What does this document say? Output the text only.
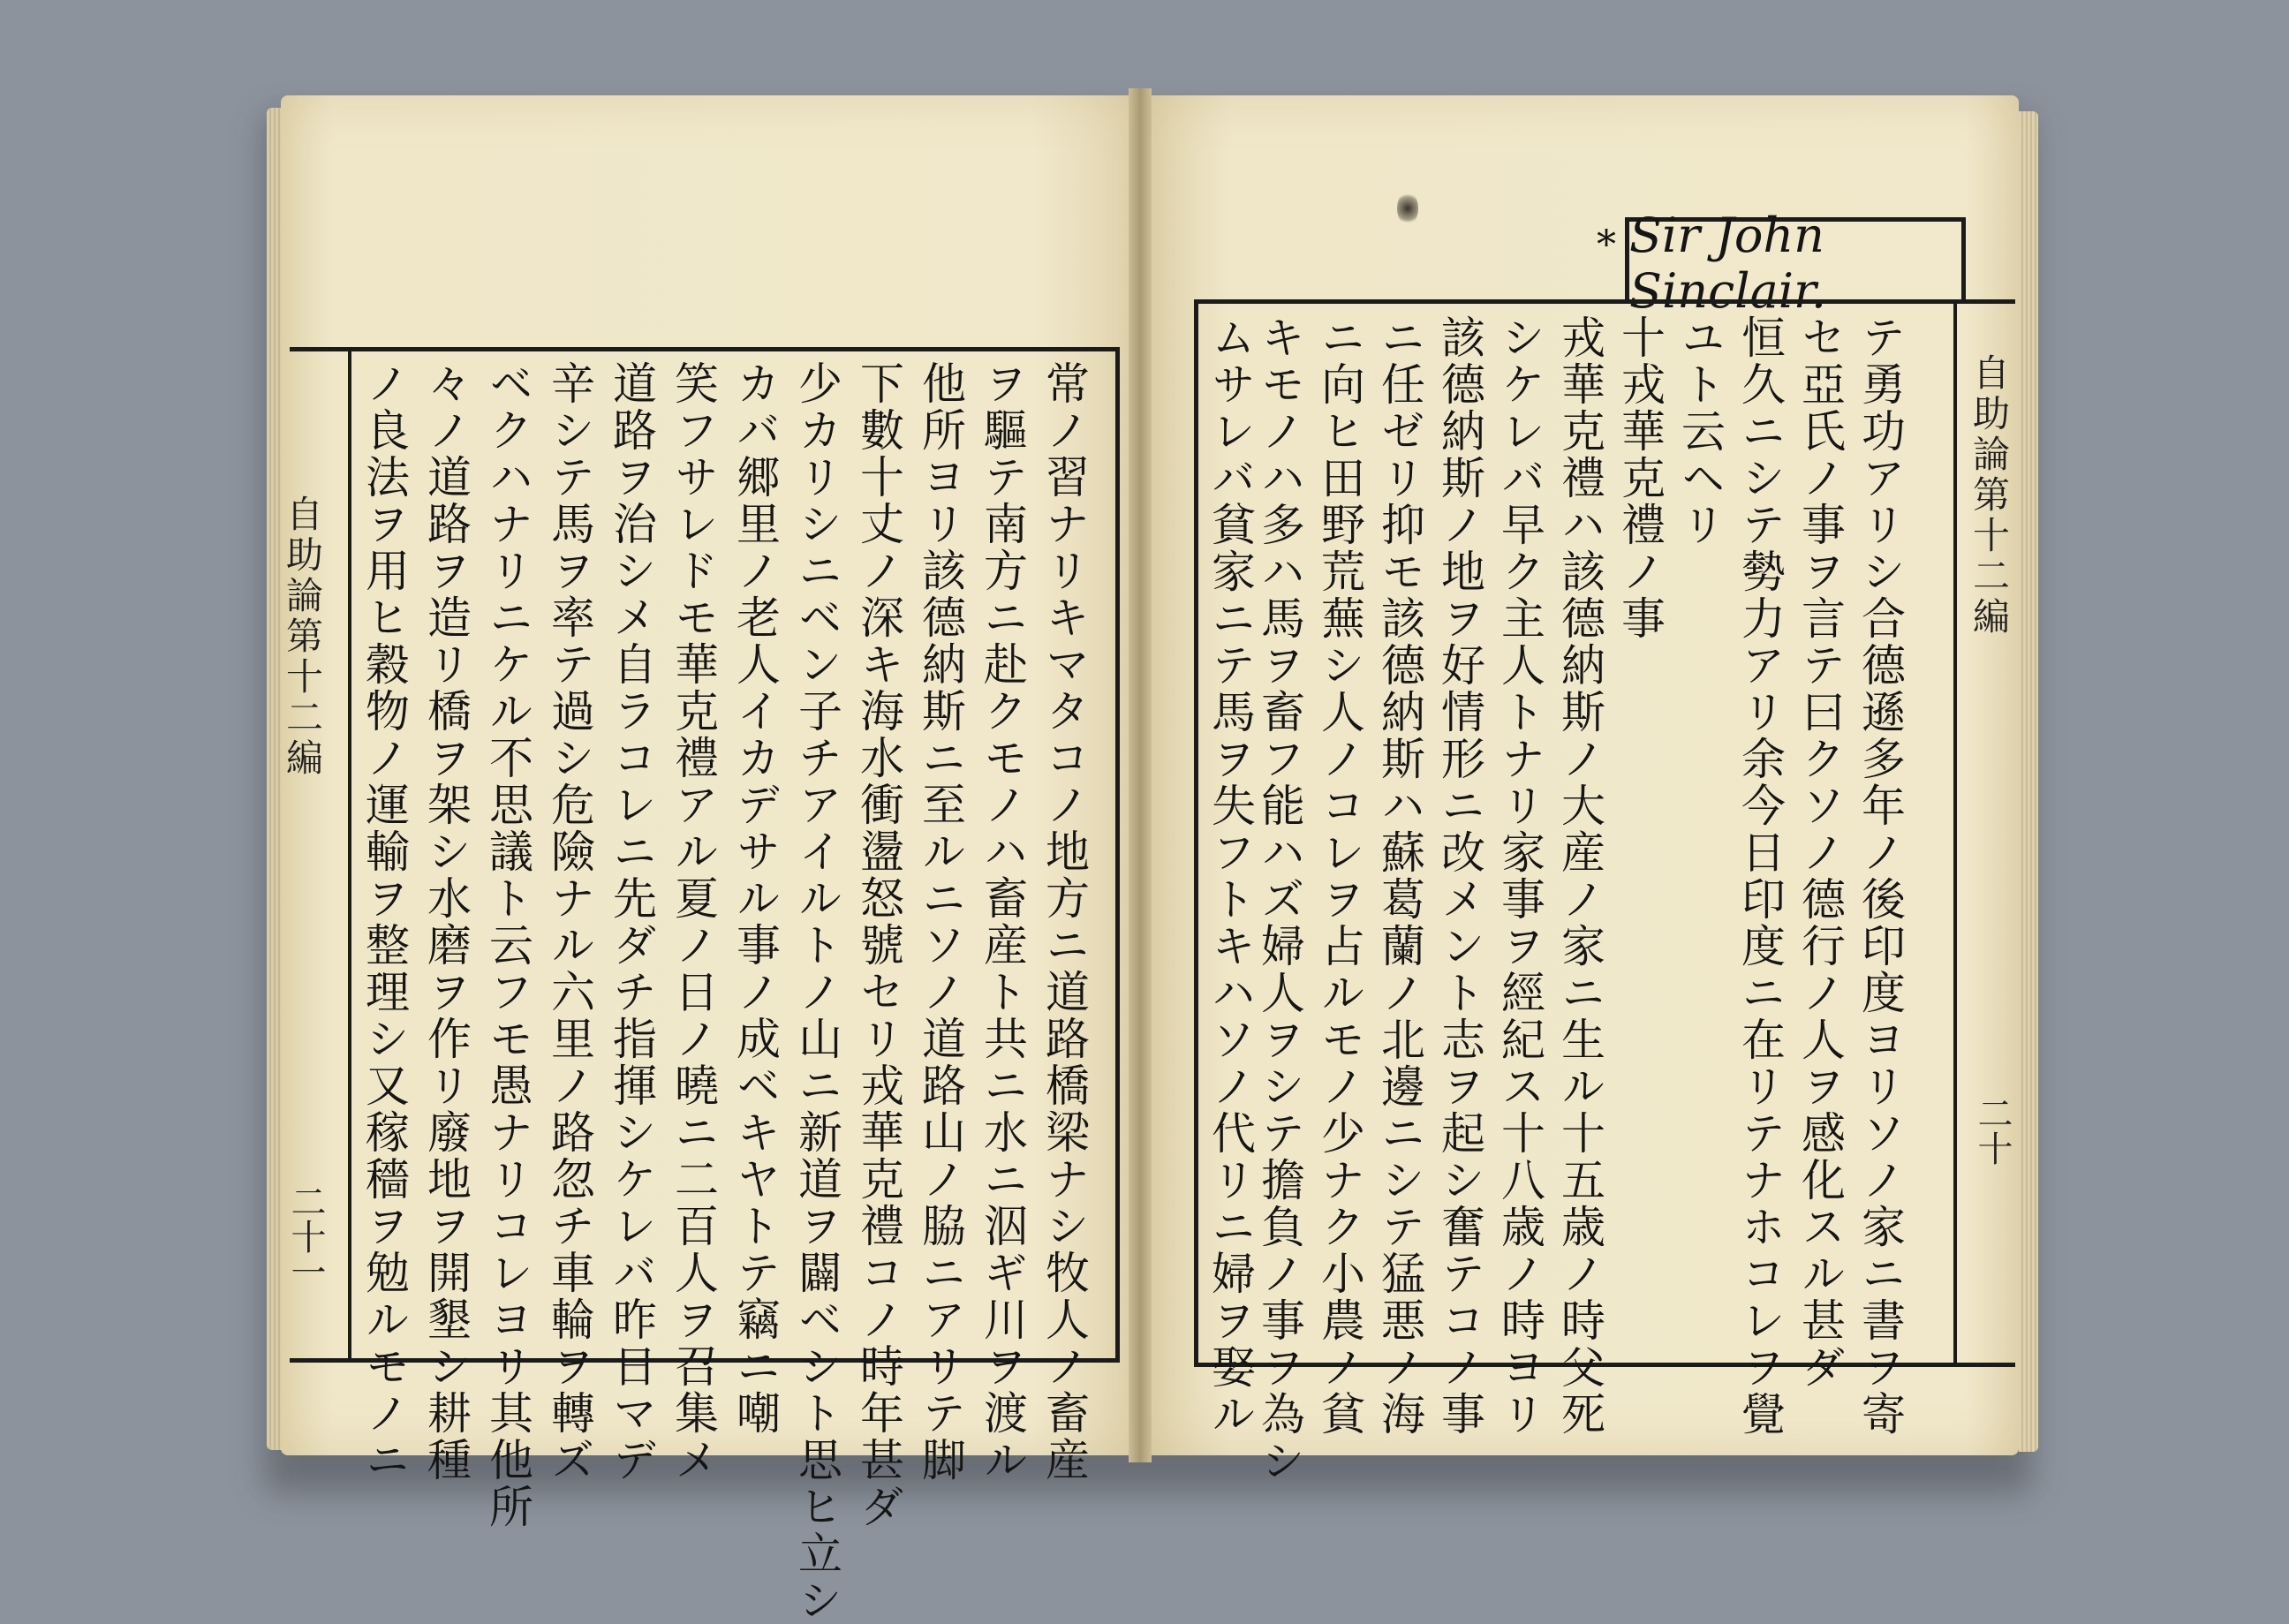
* Sir John Sinclair.
自助論第十二編
二十
テ勇功アリシ合德遜多年ノ後印度ヨリソノ家ニ書ヲ寄
セ亞氏ノ事ヲ言テ曰クソノ德行ノ人ヲ感化スル甚ダ
恒久ニシテ勢力アリ余今日印度ニ在リテナホコレヲ覺
ユト云ヘリ
十戎華克禮ノ事
戎華克禮ハ該德納斯ノ大産ノ家ニ生ル十五歳ノ時父死
シケレバ早ク主人トナリ家事ヲ經紀ス十八歳ノ時ヨリ
該德納斯ノ地ヲ好情形ニ改メント志ヲ起シ奮テコノ事
ニ任ゼリ抑モ該德納斯ハ蘇葛蘭ノ北邊ニシテ猛悪ノ海
ニ向ヒ田野荒蕪シ人ノコレヲ占ルモノ少ナク小農ノ貧
キモノハ多ハ馬ヲ畜フ能ハズ婦人ヲシテ擔負ノ事ヲ為シ
ムサレバ貧家ニテ馬ヲ失フトキハソノ代リニ婦ヲ娶ル
自助論第十二編
二十一	常ノ習ナリキマタコノ地方ニ道路橋梁ナシ牧人ノ畜産
ヲ驅テ南方ニ赴クモノハ畜産ト共ニ水ニ泅ギ川ヲ渡ル
他所ヨリ該德納斯ニ至ルニソノ道路山ノ脇ニアリテ脚
下數十丈ノ深キ海水衝盪怒號セリ戎華克禮コノ時年甚ダ
少カリシニベン子チアイルトノ山ニ新道ヲ闢ベシト思ヒ立シ
カバ郷里ノ老人イカデサル事ノ成ベキヤトテ竊ニ嘲
笑フサレドモ華克禮アル夏ノ日ノ曉ニ二百人ヲ召集メ
道路ヲ治シメ自ラコレニ先ダチ指揮シケレバ昨日マデ
辛シテ馬ヲ率テ過シ危險ナル六里ノ路忽チ車輪ヲ轉ズ
ベクハナリニケル不思議ト云フモ愚ナリコレヨリ其他所
々ノ道路ヲ造リ橋ヲ架シ水磨ヲ作リ廢地ヲ開墾シ耕種
ノ良法ヲ用ヒ穀物ノ運輸ヲ整理シ又稼穡ヲ勉ルモノニ
